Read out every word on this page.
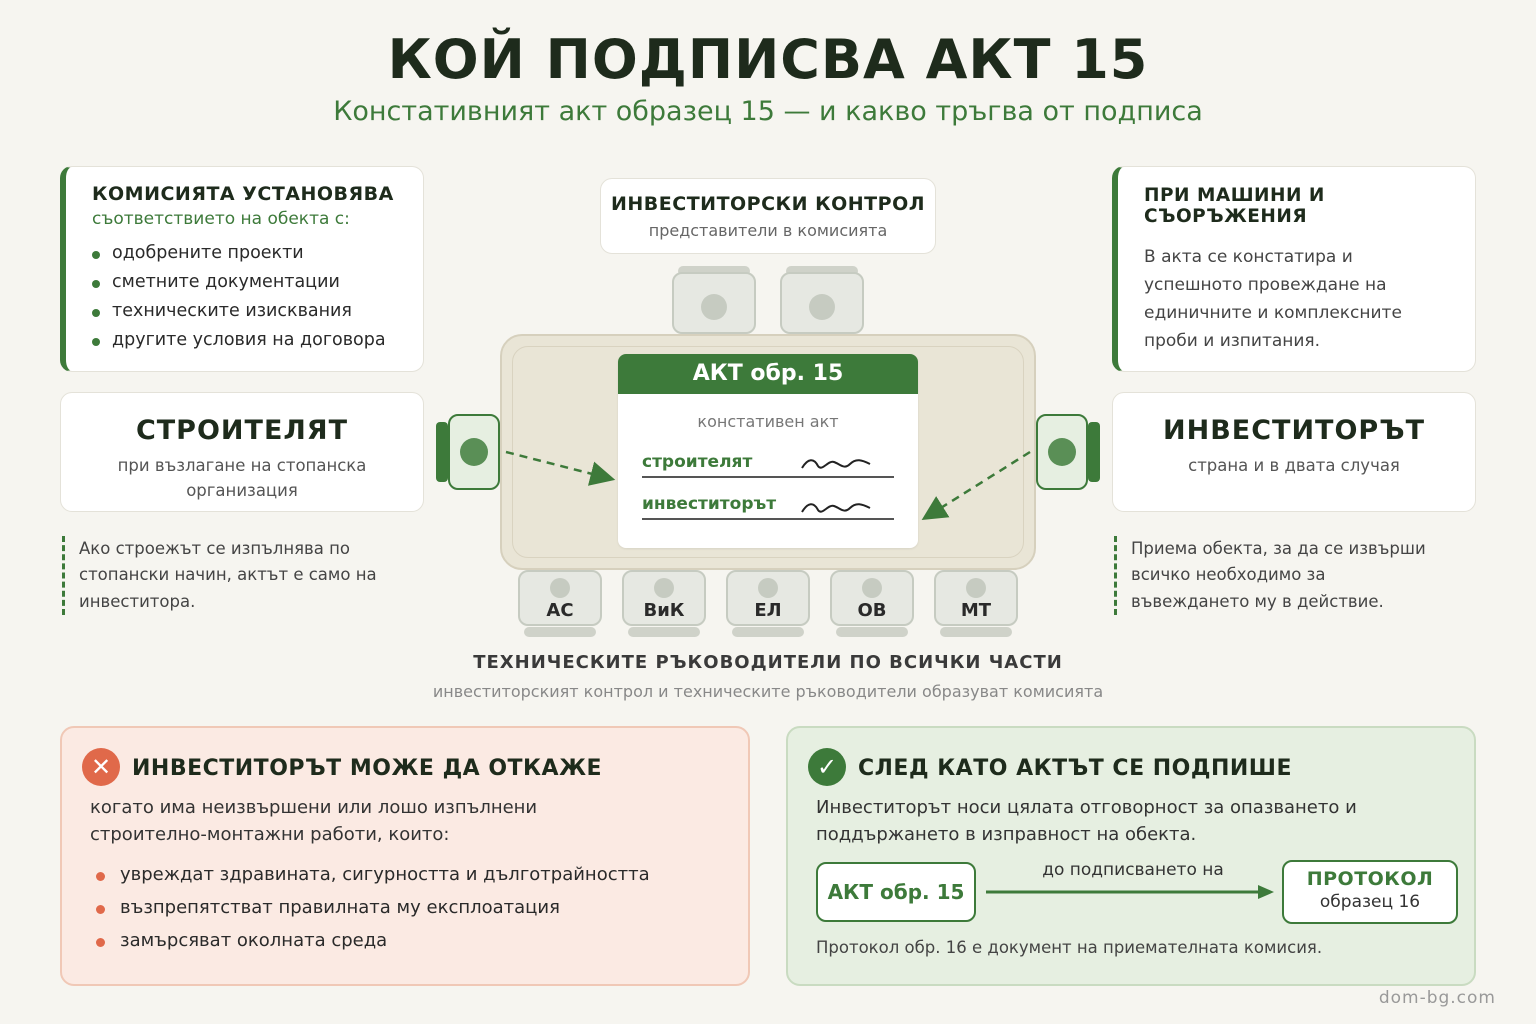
КОЙ ПОДПИСВА АКТ 15
Констативният акт образец 15 — и какво тръгва от подписа
КОМИСИЯТА УСТАНОВЯВА
съответствието на обекта с:
одобрените проекти
сметните документации
техническите изисквания
другите условия на договора
ИНВЕСТИТОРСКИ КОНТРОЛ
представители в комисията
ПРИ МАШИНИ И СЪОРЪЖЕНИЯ
В акта се констатира и успешното провеждане на единичните и комплексните проби и изпитания.
СТРОИТЕЛЯТ
при възлагане на стопанска организация
Ако строежът се изпълнява по стопански начин, актът е само на инвеститора.
ИНВЕСТИТОРЪТ
страна и в двата случая
Приема обекта, за да се извърши всичко необходимо за въвеждането му в действие.
АКТ обр. 15
констативен акт
строителят
инвеститорът
АС	ВиК	ЕЛ	ОВ	МТ
ТЕХНИЧЕСКИТЕ РЪКОВОДИТЕЛИ ПО ВСИЧКИ ЧАСТИ
инвеститорският контрол и техническите ръководители образуват комисията
✕ ИНВЕСТИТОРЪТ МОЖЕ ДА ОТКАЖЕ
когато има неизвършени или лошо изпълнени строително-монтажни работи, които:
увреждат здравината, сигурността и дълготрайността
възпрепятстват правилната му експлоатация
замърсяват околната среда
✓ СЛЕД КАТО АКТЪТ СЕ ПОДПИШЕ
Инвеститорът носи цялата отговорност за опазването и поддържането в изправност на обекта.
АКТ обр. 15
до подписването на	ПРОТОКОЛ
образец 16
Протокол обр. 16 е документ на приемателната комисия.
dom-bg.com
